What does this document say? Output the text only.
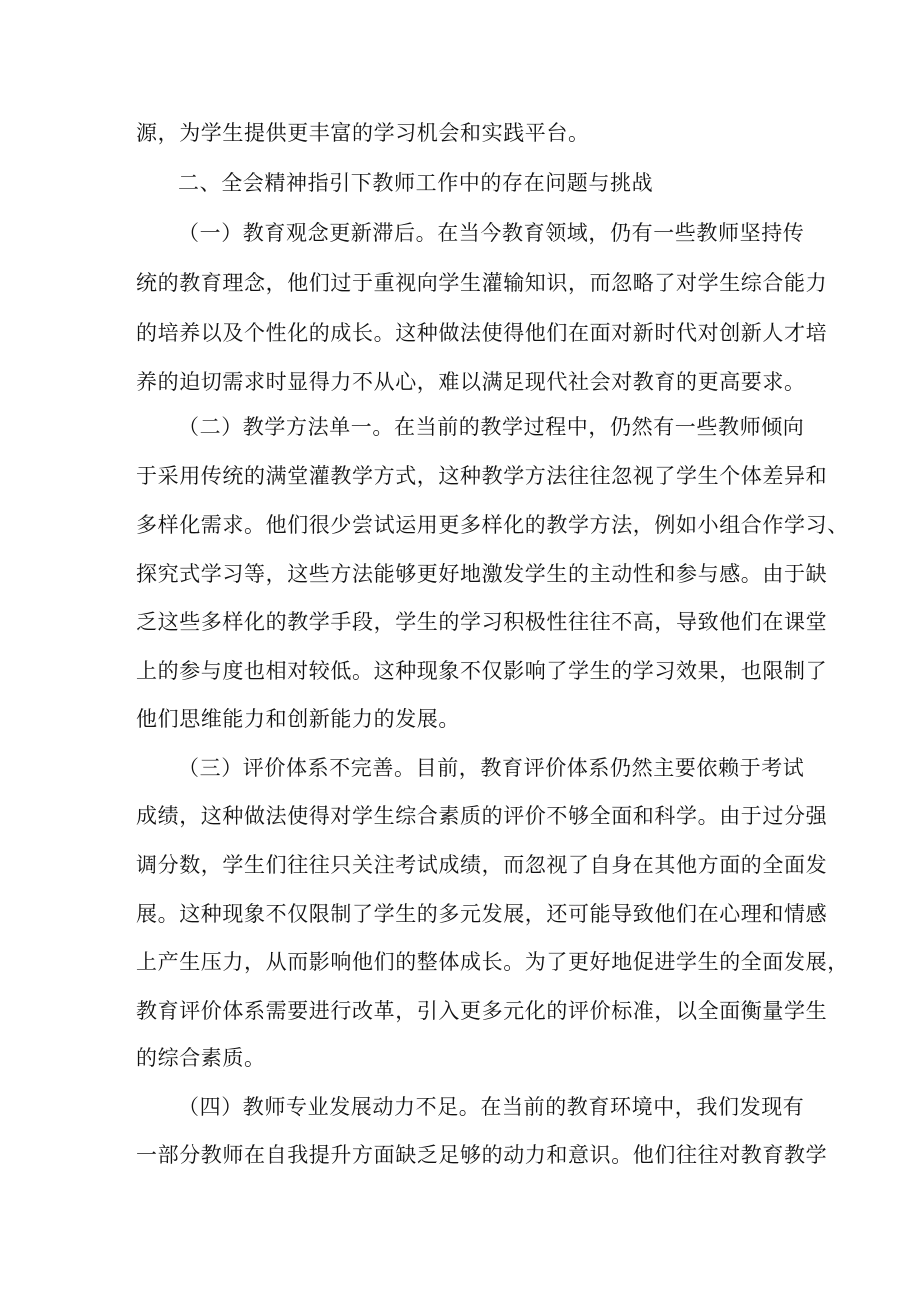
源，为学生提供更丰富的学习机会和实践平台。
二、全会精神指引下教师工作中的存在问题与挑战
（一）教育观念更新滞后。在当今教育领域，仍有一些教师坚持传
统的教育理念，他们过于重视向学生灌输知识，而忽略了对学生综合能力
的培养以及个性化的成长。这种做法使得他们在面对新时代对创新人才培
养的迫切需求时显得力不从心，难以满足现代社会对教育的更高要求。
（二）教学方法单一。在当前的教学过程中，仍然有一些教师倾向
于采用传统的满堂灌教学方式，这种教学方法往往忽视了学生个体差异和
多样化需求。他们很少尝试运用更多样化的教学方法，例如小组合作学习、
探究式学习等，这些方法能够更好地激发学生的主动性和参与感。由于缺
乏这些多样化的教学手段，学生的学习积极性往往不高，导致他们在课堂
上的参与度也相对较低。这种现象不仅影响了学生的学习效果，也限制了
他们思维能力和创新能力的发展。
（三）评价体系不完善。目前，教育评价体系仍然主要依赖于考试
成绩，这种做法使得对学生综合素质的评价不够全面和科学。由于过分强
调分数，学生们往往只关注考试成绩，而忽视了自身在其他方面的全面发
展。这种现象不仅限制了学生的多元发展，还可能导致他们在心理和情感
上产生压力，从而影响他们的整体成长。为了更好地促进学生的全面发展，
教育评价体系需要进行改革，引入更多元化的评价标准，以全面衡量学生
的综合素质。
（四）教师专业发展动力不足。在当前的教育环境中，我们发现有
一部分教师在自我提升方面缺乏足够的动力和意识。他们往往对教育教学
